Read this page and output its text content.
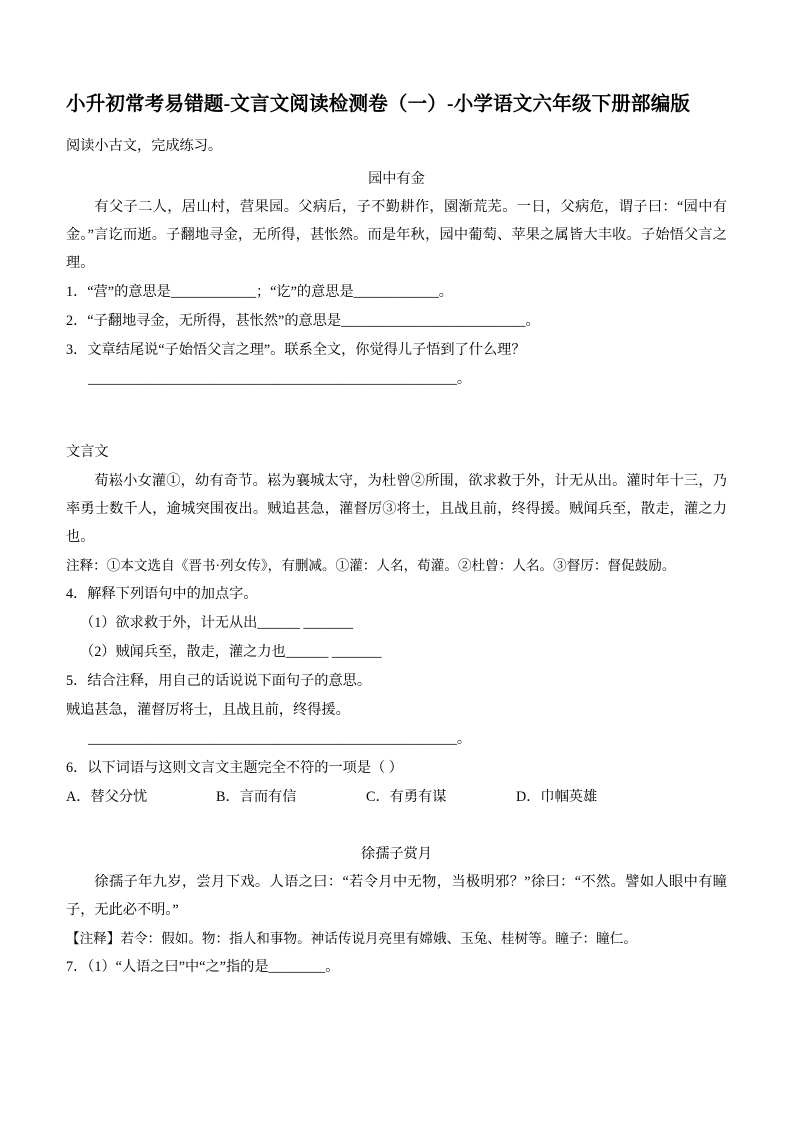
小升初常考易错题-文言文阅读检测卷（一）-小学语文六年级下册部编版

阅读小古文，完成练习。

园中有金

有父子二人，居山村，营果园。父病后，子不勤耕作，園渐荒芜。一日，父病危，谓子曰：“园中有金。”言讫而逝。子翻地寻金，无所得，甚怅然。而是年秋，园中葡萄、苹果之属皆大丰收。子始悟父言之理。

1．“营”的意思是____________；“讫”的意思是____________。

2．“子翻地寻金，无所得，甚怅然”的意思是__________________________。

3．文章结尾说“子始悟父言之理”。联系全文，你觉得儿子悟到了什么理？

____________________________________________________。

文言文

荀崧小女灌①，幼有奇节。崧为襄城太守，为杜曾②所围，欲求救于外，计无从出。灌时年十三，乃率勇士数千人，逾城突围夜出。贼追甚急，灌督厉③将士，且战且前，终得援。贼闻兵至，散走，灌之力也。

注释：①本文选自《晋书·列女传》，有删减。①灌：人名，荀灌。②杜曾：人名。③督厉：督促鼓励。

4．解释下列语句中的加点字。

（1）欲求救于外，计无从出______ _______

（2）贼闻兵至，散走，灌之力也______ _______

5．结合注释，用自己的话说说下面句子的意思。

贼追甚急，灌督厉将士，且战且前，终得援。

____________________________________________________。

6．以下词语与这则文言文主题完全不符的一项是（ ）

A．替父分忧	B．言而有信	C．有勇有谋	D．巾帼英雄

徐孺子赏月

徐孺子年九岁，尝月下戏。人语之曰：“若令月中无物，当极明邪？”徐曰：“不然。譬如人眼中有瞳子，无此必不明。”

【注释】若令：假如。物：指人和事物。神话传说月亮里有嫦娥、玉兔、桂树等。瞳子：瞳仁。

7．（1）“人语之曰”中“之”指的是________。
